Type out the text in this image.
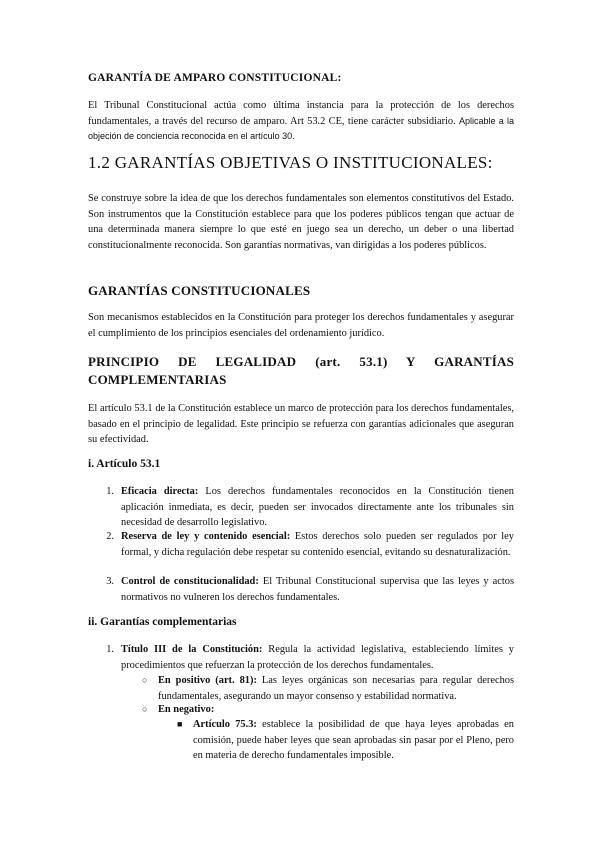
GARANTÍA DE AMPARO CONSTITUCIONAL:
El Tribunal Constitucional actúa como última instancia para la protección de los derechos fundamentales, a través del recurso de amparo. Art 53.2 CE, tiene carácter subsidiario. Aplicable a la objeción de conciencia reconocida en el artículo 30.
1.2 GARANTÍAS OBJETIVAS O INSTITUCIONALES:
Se construye sobre la idea de que los derechos fundamentales son elementos constitutivos del Estado. Son instrumentos que la Constitución establece para que los poderes públicos tengan que actuar de una determinada manera siempre lo que esté en juego sea un derecho, un deber o una libertad constitucionalmente reconocida. Son garantías normativas, van dirigidas a los poderes públicos.
GARANTÍAS CONSTITUCIONALES
Son mecanismos establecidos en la Constitución para proteger los derechos fundamentales y asegurar el cumplimiento de los principios esenciales del ordenamiento jurídico.
PRINCIPIO DE LEGALIDAD (art. 53.1) Y GARANTÍAS COMPLEMENTARIAS
El artículo 53.1 de la Constitución establece un marco de protección para los derechos fundamentales, basado en el principio de legalidad. Este principio se refuerza con garantías adicionales que aseguran su efectividad.
i. Artículo 53.1
1. Eficacia directa: Los derechos fundamentales reconocidos en la Constitución tienen aplicación inmediata, es decir, pueden ser invocados directamente ante los tribunales sin necesidad de desarrollo legislativo.
2. Reserva de ley y contenido esencial: Estos derechos solo pueden ser regulados por ley formal, y dicha regulación debe respetar su contenido esencial, evitando su desnaturalización.
3. Control de constitucionalidad: El Tribunal Constitucional supervisa que las leyes y actos normativos no vulneren los derechos fundamentales.
ii. Garantías complementarias
1. Título III de la Constitución: Regula la actividad legislativa, estableciendo límites y procedimientos que refuerzan la protección de los derechos fundamentales.
○ En positivo (art. 81): Las leyes orgánicas son necesarias para regular derechos fundamentales, asegurando un mayor consenso y estabilidad normativa.
○ En negativo:
■ Artículo 75.3: establece la posibilidad de que haya leyes aprobadas en comisión, puede haber leyes que sean aprobadas sin pasar por el Pleno, pero en materia de derecho fundamentales imposible.
